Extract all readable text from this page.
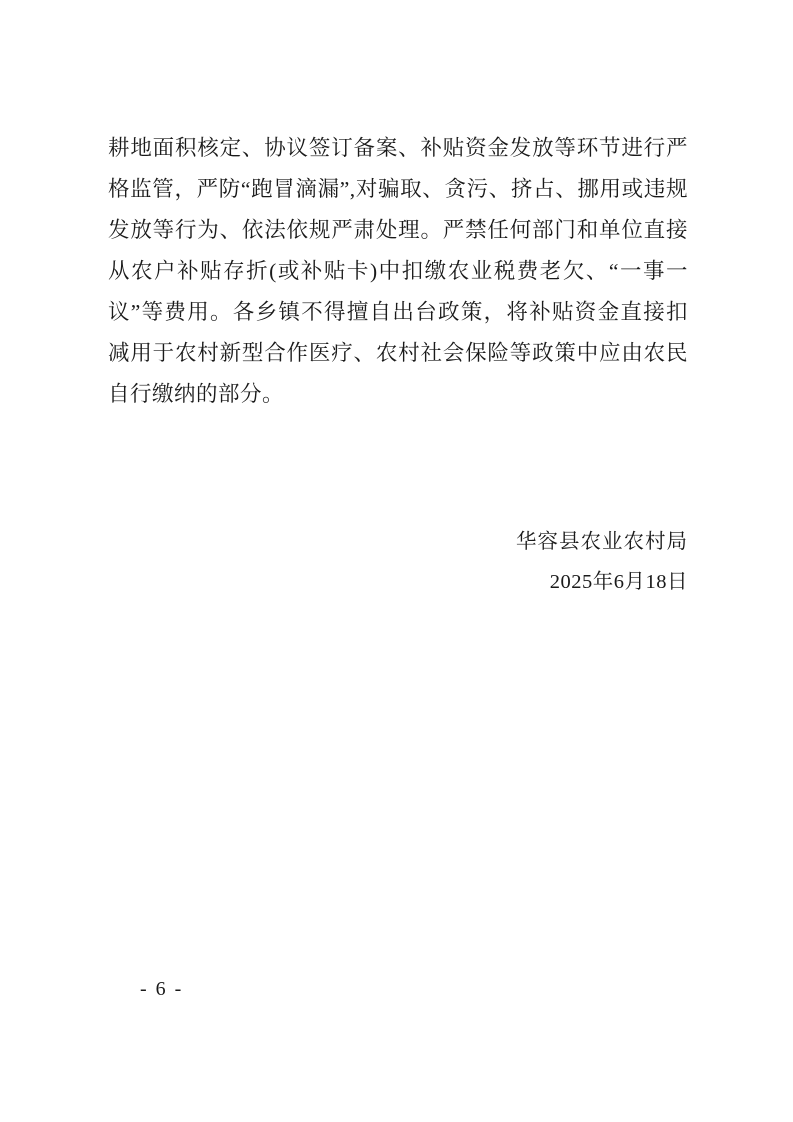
耕地面积核定、协议签订备案、补贴资金发放等环节进行严格监管，严防“跑冒滴漏”,对骗取、贪污、挤占、挪用或违规发放等行为、依法依规严肃处理。严禁任何部门和单位直接从农户补贴存折(或补贴卡)中扣缴农业税费老欠、“一事一议”等费用。各乡镇不得擅自出台政策，将补贴资金直接扣减用于农村新型合作医疗、农村社会保险等政策中应由农民自行缴纳的部分。

华容县农业农村局
2025年6月18日
- 6 -
